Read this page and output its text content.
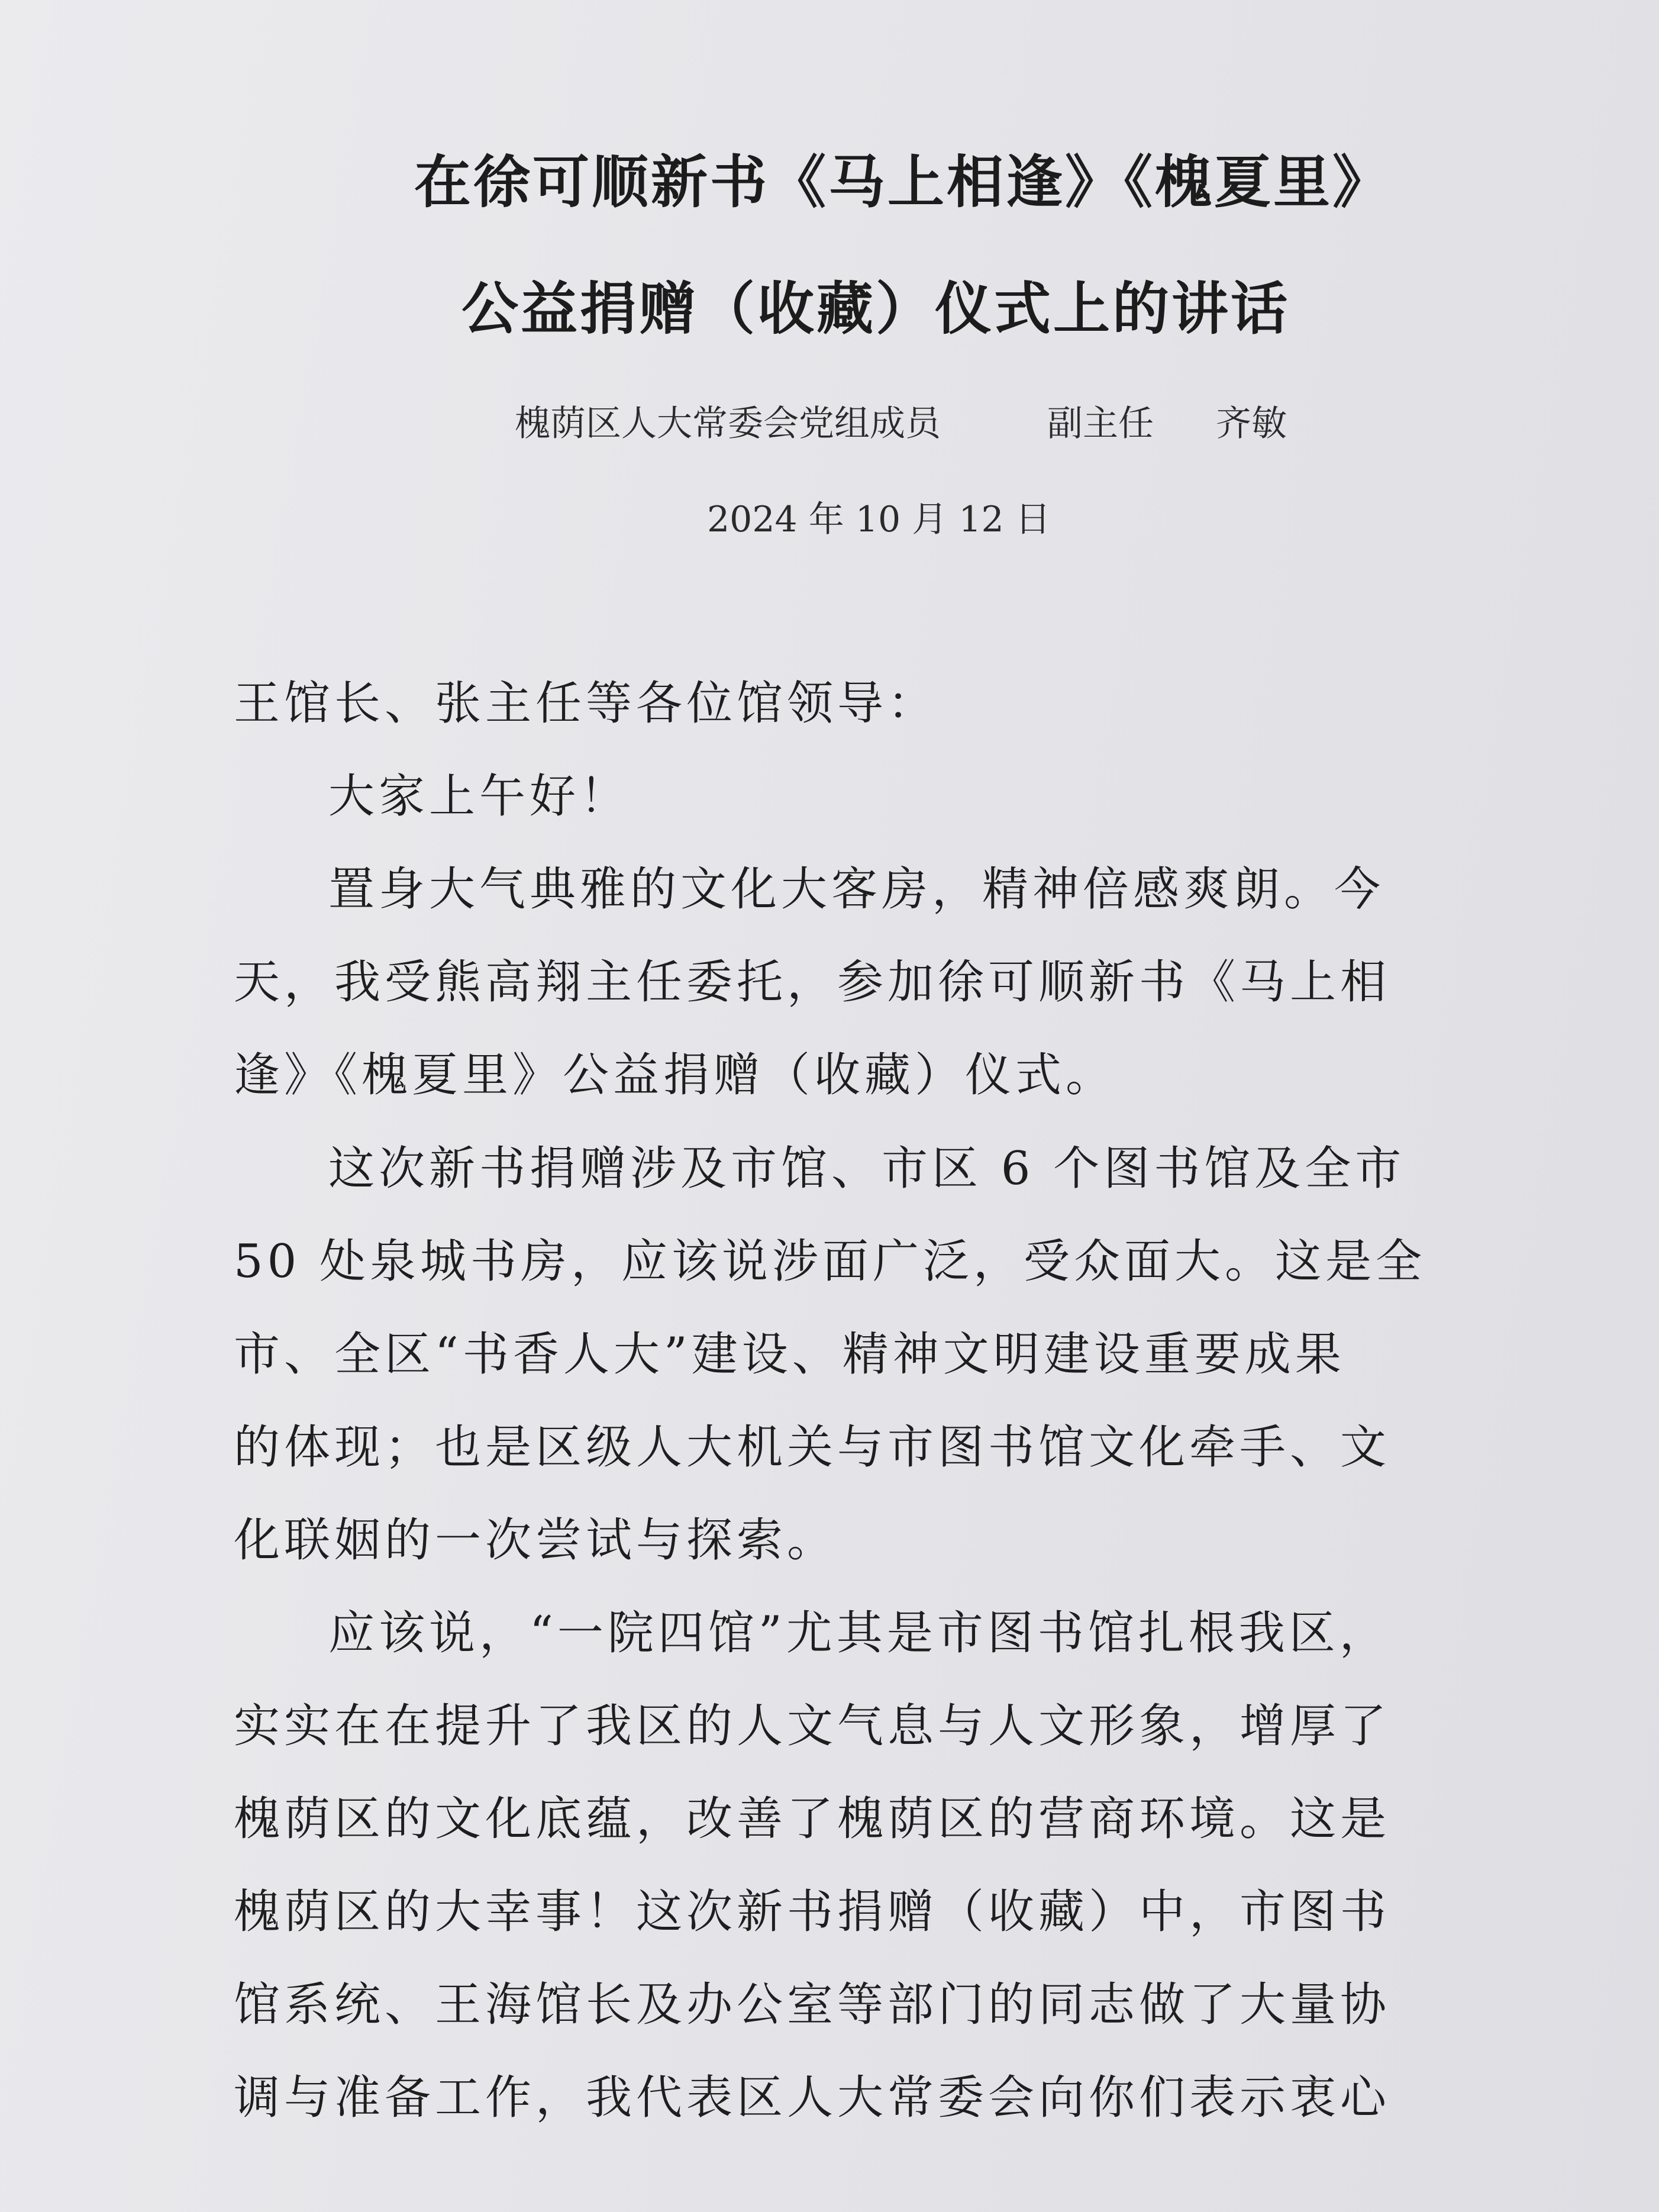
在徐可顺新书《马上相逢》《槐夏里》
公益捐赠（收藏）仪式上的讲话
槐荫区人大常委会党组成员	副主任 齐敏
2024 年 10 月 12 日
王馆长、张主任等各位馆领导：
大家上午好！
置身大气典雅的文化大客房，精神倍感爽朗。今
天，我受熊高翔主任委托，参加徐可顺新书《马上相
逢》《槐夏里》公益捐赠（收藏）仪式。
这次新书捐赠涉及市馆、市区 6 个图书馆及全市
50 处泉城书房，应该说涉面广泛，受众面大。这是全
市、全区“书香人大”建设、精神文明建设重要成果
的体现；也是区级人大机关与市图书馆文化牵手、文
化联姻的一次尝试与探索。
应该说，“一院四馆”尤其是市图书馆扎根我区，
实实在在提升了我区的人文气息与人文形象，增厚了
槐荫区的文化底蕴，改善了槐荫区的营商环境。这是
槐荫区的大幸事！这次新书捐赠（收藏）中，市图书
馆系统、王海馆长及办公室等部门的同志做了大量协
调与准备工作，我代表区人大常委会向你们表示衷心
